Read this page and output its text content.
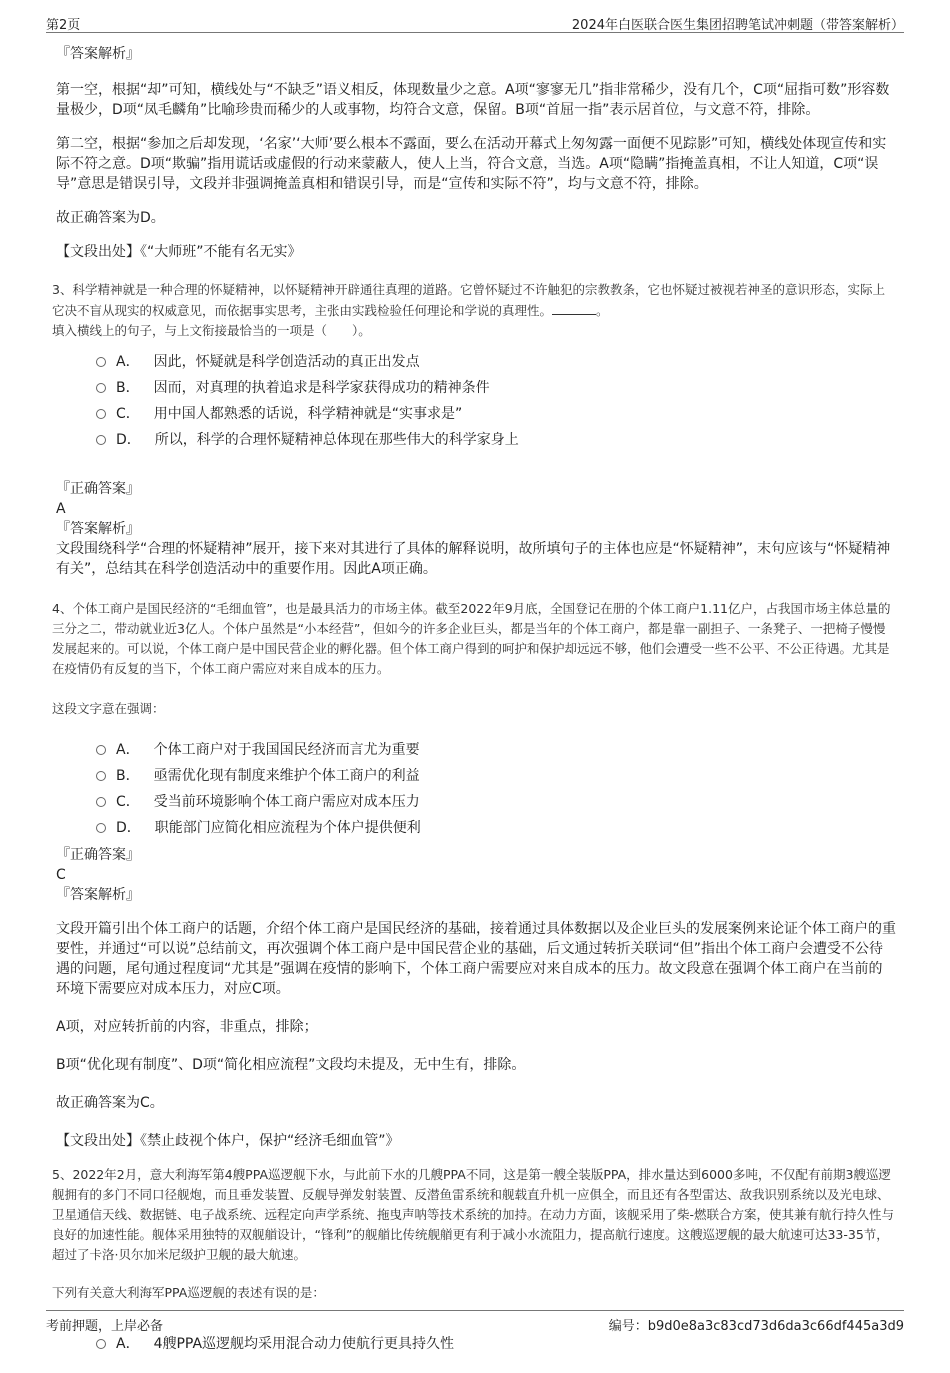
第2页	2024年白医联合医生集团招聘笔试冲刺题（带答案解析）
『答案解析』
第一空，根据“却”可知，横线处与“不缺乏”语义相反，体现数量少之意。A项“寥寥无几”指非常稀少，没有几个，C项“屈指可数”形容数量极少，D项“凤毛麟角”比喻珍贵而稀少的人或事物，均符合文意，保留。B项“首屈一指”表示居首位，与文意不符，排除。
第二空，根据“参加之后却发现，‘名家’‘大师’要么根本不露面，要么在活动开幕式上匆匆露一面便不见踪影”可知，横线处体现宣传和实际不符之意。D项“欺骗”指用谎话或虚假的行动来蒙蔽人，使人上当，符合文意，当选。A项“隐瞒”指掩盖真相，不让人知道，C项“误导”意思是错误引导，文段并非强调掩盖真相和错误引导，而是“宣传和实际不符”，均与文意不符，排除。
故正确答案为D。
【文段出处】《“大师班”不能有名无实》

3、科学精神就是一种合理的怀疑精神，以怀疑精神开辟通往真理的道路。它曾怀疑过不许触犯的宗教教条，它也怀疑过被视若神圣的意识形态，实际上它决不盲从现实的权威意见，而依据事实思考，主张由实践检验任何理论和学说的真理性。	。

填入横线上的句子，与上文衔接最恰当的一项是（　　）。

A． 因此，怀疑就是科学创造活动的真正出发点
B． 因而，对真理的执着追求是科学家获得成功的精神条件
C． 用中国人都熟悉的话说，科学精神就是“实事求是”
D． 所以，科学的合理怀疑精神总体现在那些伟大的科学家身上

『正确答案』

A

『答案解析』

文段围绕科学“合理的怀疑精神”展开，接下来对其进行了具体的解释说明，故所填句子的主体也应是“怀疑精神”，末句应该与“怀疑精神有关”，总结其在科学创造活动中的重要作用。因此A项正确。

4、个体工商户是国民经济的“毛细血管”，也是最具活力的市场主体。截至2022年9月底，全国登记在册的个体工商户1.11亿户，占我国市场主体总量的三分之二，带动就业近3亿人。个体户虽然是“小本经营”，但如今的许多企业巨头，都是当年的个体工商户，都是靠一副担子、一条凳子、一把椅子慢慢发展起来的。可以说，个体工商户是中国民营企业的孵化器。但个体工商户得到的呵护和保护却远远不够，他们会遭受一些不公平、不公正待遇。尤其是在疫情仍有反复的当下，个体工商户需应对来自成本的压力。

这段文字意在强调：

A． 个体工商户对于我国国民经济而言尤为重要
B． 亟需优化现有制度来维护个体工商户的利益
C． 受当前环境影响个体工商户需应对成本压力
D． 职能部门应简化相应流程为个体户提供便利

『正确答案』

C

『答案解析』

文段开篇引出个体工商户的话题，介绍个体工商户是国民经济的基础，接着通过具体数据以及企业巨头的发展案例来论证个体工商户的重要性，并通过“可以说”总结前文，再次强调个体工商户是中国民营企业的基础，后文通过转折关联词“但”指出个体工商户会遭受不公待遇的问题，尾句通过程度词“尤其是”强调在疫情的影响下，个体工商户需要应对来自成本的压力。故文段意在强调个体工商户在当前的环境下需要应对成本压力，对应C项。
A项，对应转折前的内容，非重点，排除；
B项“优化现有制度”、D项“简化相应流程”文段均未提及，无中生有，排除。
故正确答案为C。
【文段出处】《禁止歧视个体户，保护“经济毛细血管”》

5、2022年2月，意大利海军第4艘PPA巡逻舰下水，与此前下水的几艘PPA不同，这是第一艘全装版PPA，排水量达到6000多吨，不仅配有前期3艘巡逻舰拥有的多门不同口径舰炮，而且垂发装置、反舰导弹发射装置、反潜鱼雷系统和舰载直升机一应俱全，而且还有各型雷达、敌我识别系统以及光电球、卫星通信天线、数据链、电子战系统、远程定向声学系统、拖曳声呐等技术系统的加持。在动力方面，该舰采用了柴-燃联合方案，使其兼有航行持久性与良好的加速性能。舰体采用独特的双舰艏设计，“锋利”的舰艏比传统舰艏更有利于减小水流阻力，提高航行速度。这艘巡逻舰的最大航速可达33-35节，超过了卡洛·贝尔加米尼级护卫舰的最大航速。

下列有关意大利海军PPA巡逻舰的表述有误的是：

A． 4艘PPA巡逻舰均采用混合动力使航行更具持久性
考前押题，上岸必备	编号：b9d0e8a3c83cd73d6da3c66df445a3d9
